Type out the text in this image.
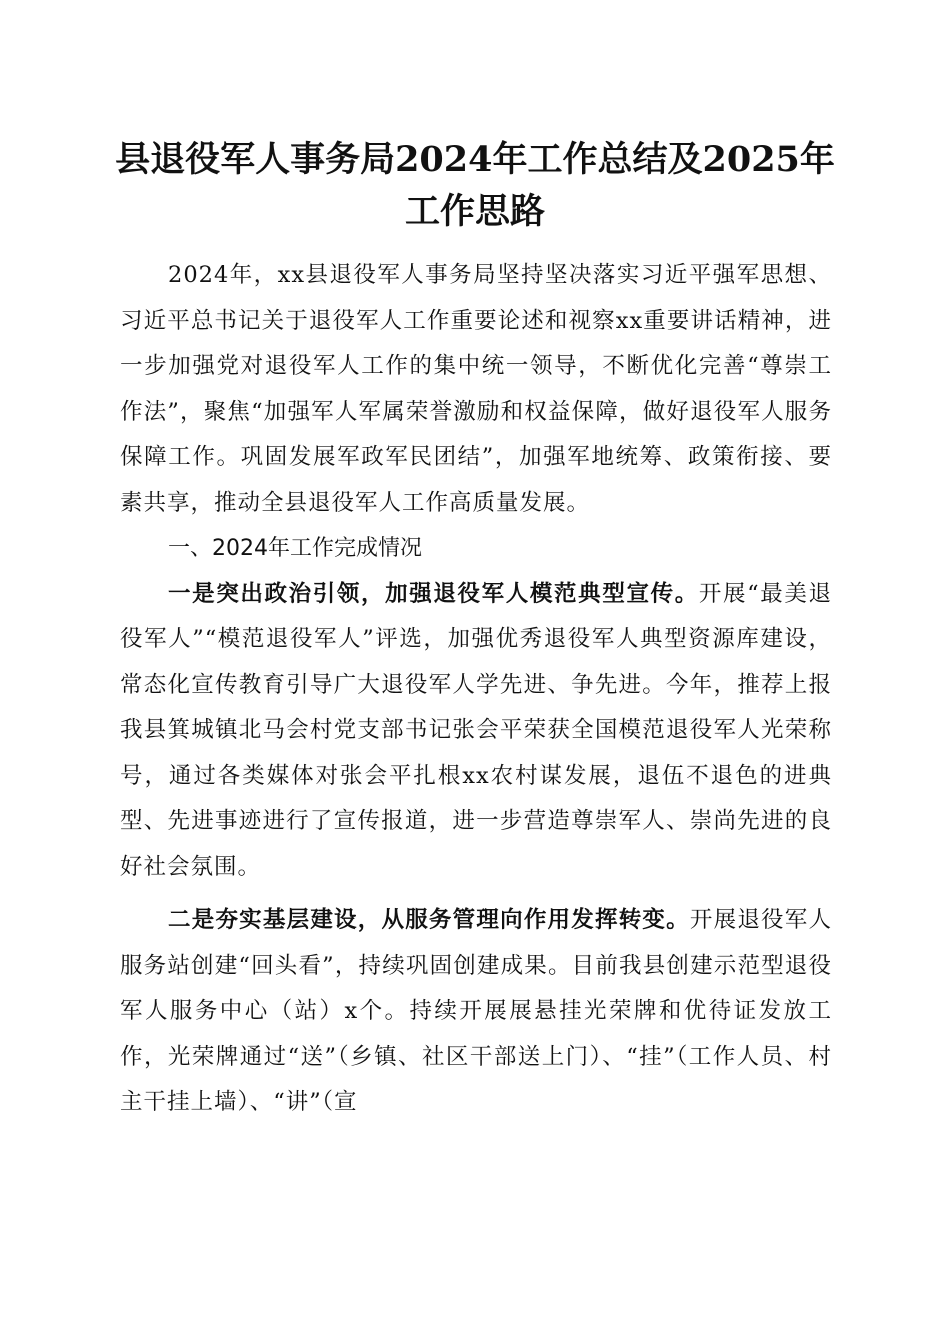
县退役军人事务局2024年工作总结及2025年
工作思路

2024年，xx县退役军人事务局坚持坚决落实习近平强军思想、习近平总书记关于退役军人工作重要论述和视察xx重要讲话精神，进一步加强党对退役军人工作的集中统一领导，不断优化完善“尊崇工作法”，聚焦“加强军人军属荣誉激励和权益保障，做好退役军人服务保障工作。巩固发展军政军民团结”，加强军地统筹、政策衔接、要素共享，推动全县退役军人工作高质量发展。

一、2024年工作完成情况

一是突出政治引领，加强退役军人模范典型宣传。开展“最美退役军人”“模范退役军人”评选，加强优秀退役军人典型资源库建设，常态化宣传教育引导广大退役军人学先进、争先进。今年，推荐上报我县箕城镇北马会村党支部书记张会平荣获全国模范退役军人光荣称号，通过各类媒体对张会平扎根xx农村谋发展，退伍不退色的进典型、先进事迹进行了宣传报道，进一步营造尊崇军人、崇尚先进的良好社会氛围。

二是夯实基层建设，从服务管理向作用发挥转变。开展退役军人服务站创建“回头看”，持续巩固创建成果。目前我县创建示范型退役军人服务中心（站）x个。持续开展展悬挂光荣牌和优待证发放工作，光荣牌通过“送”（乡镇、社区干部送上门）、“挂”（工作人员、村主干挂上墙）、“讲”（宣
